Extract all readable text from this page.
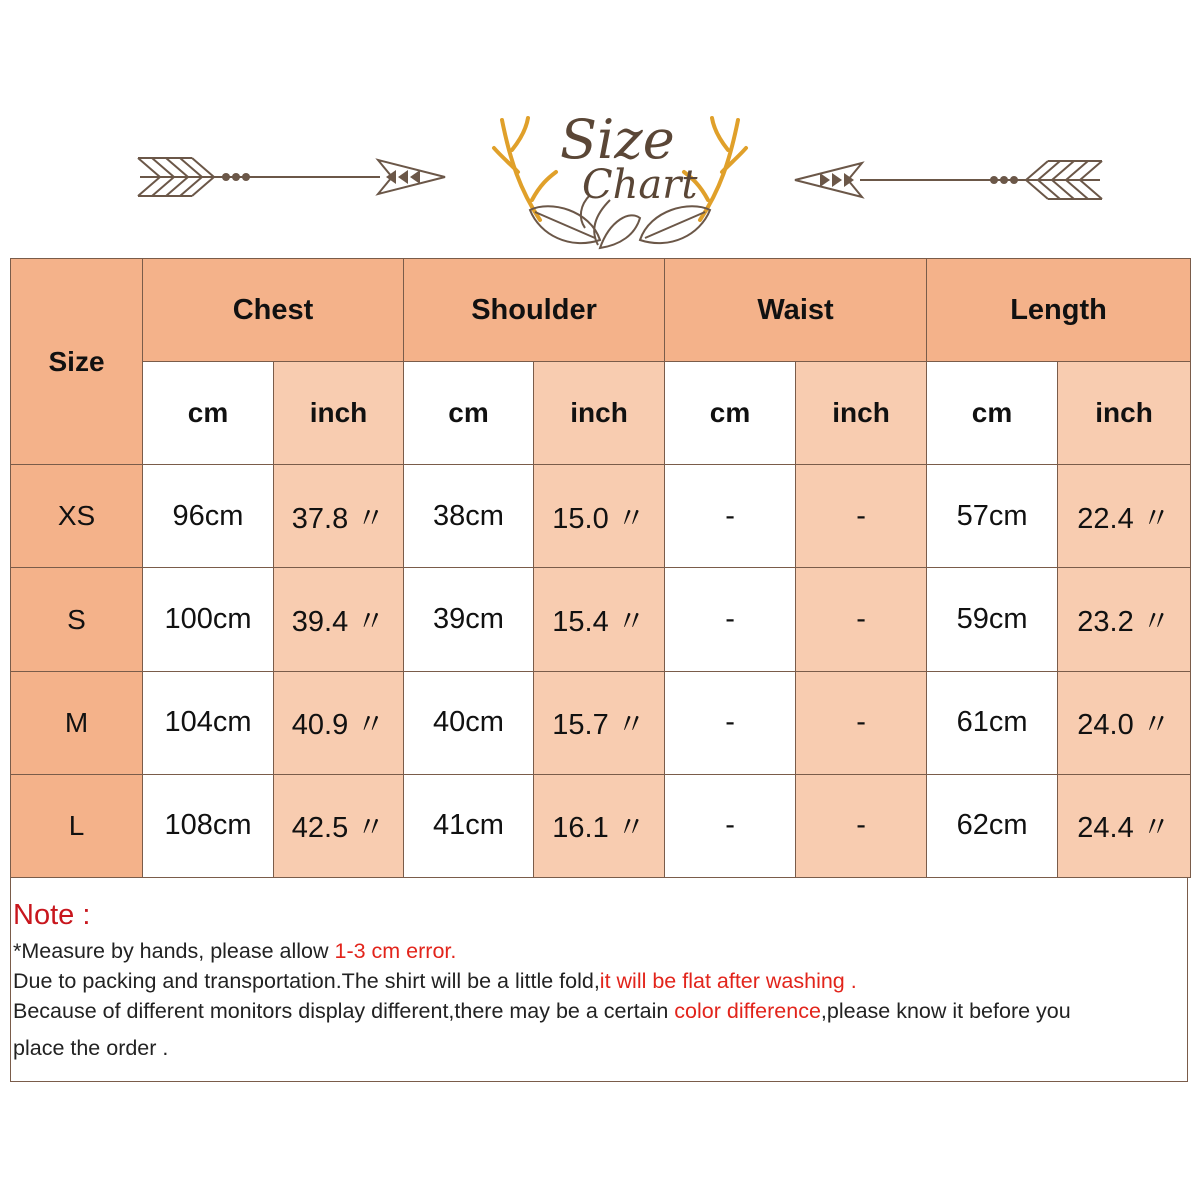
Size
Chart
Size	Chest		Shoulder		Waist		Length	
	cm	inch	cm	inch	cm	inch	cm	inch
XS	96cm	37.8 〃	38cm	15.0 〃	-	-	57cm	22.4 〃
S	100cm	39.4 〃	39cm	15.4 〃	-	-	59cm	23.2 〃
M	104cm	40.9 〃	40cm	15.7 〃	-	-	61cm	24.0 〃
L	108cm	42.5 〃	41cm	16.1 〃	-	-	62cm	24.4 〃
Note :

*Measure by hands, please allow 1-3 cm error.

Due to packing and transportation.The shirt will be a little fold,it will be flat after washing .

Because of different monitors display different,there may be a certain color difference,please know it before you

place the order .
